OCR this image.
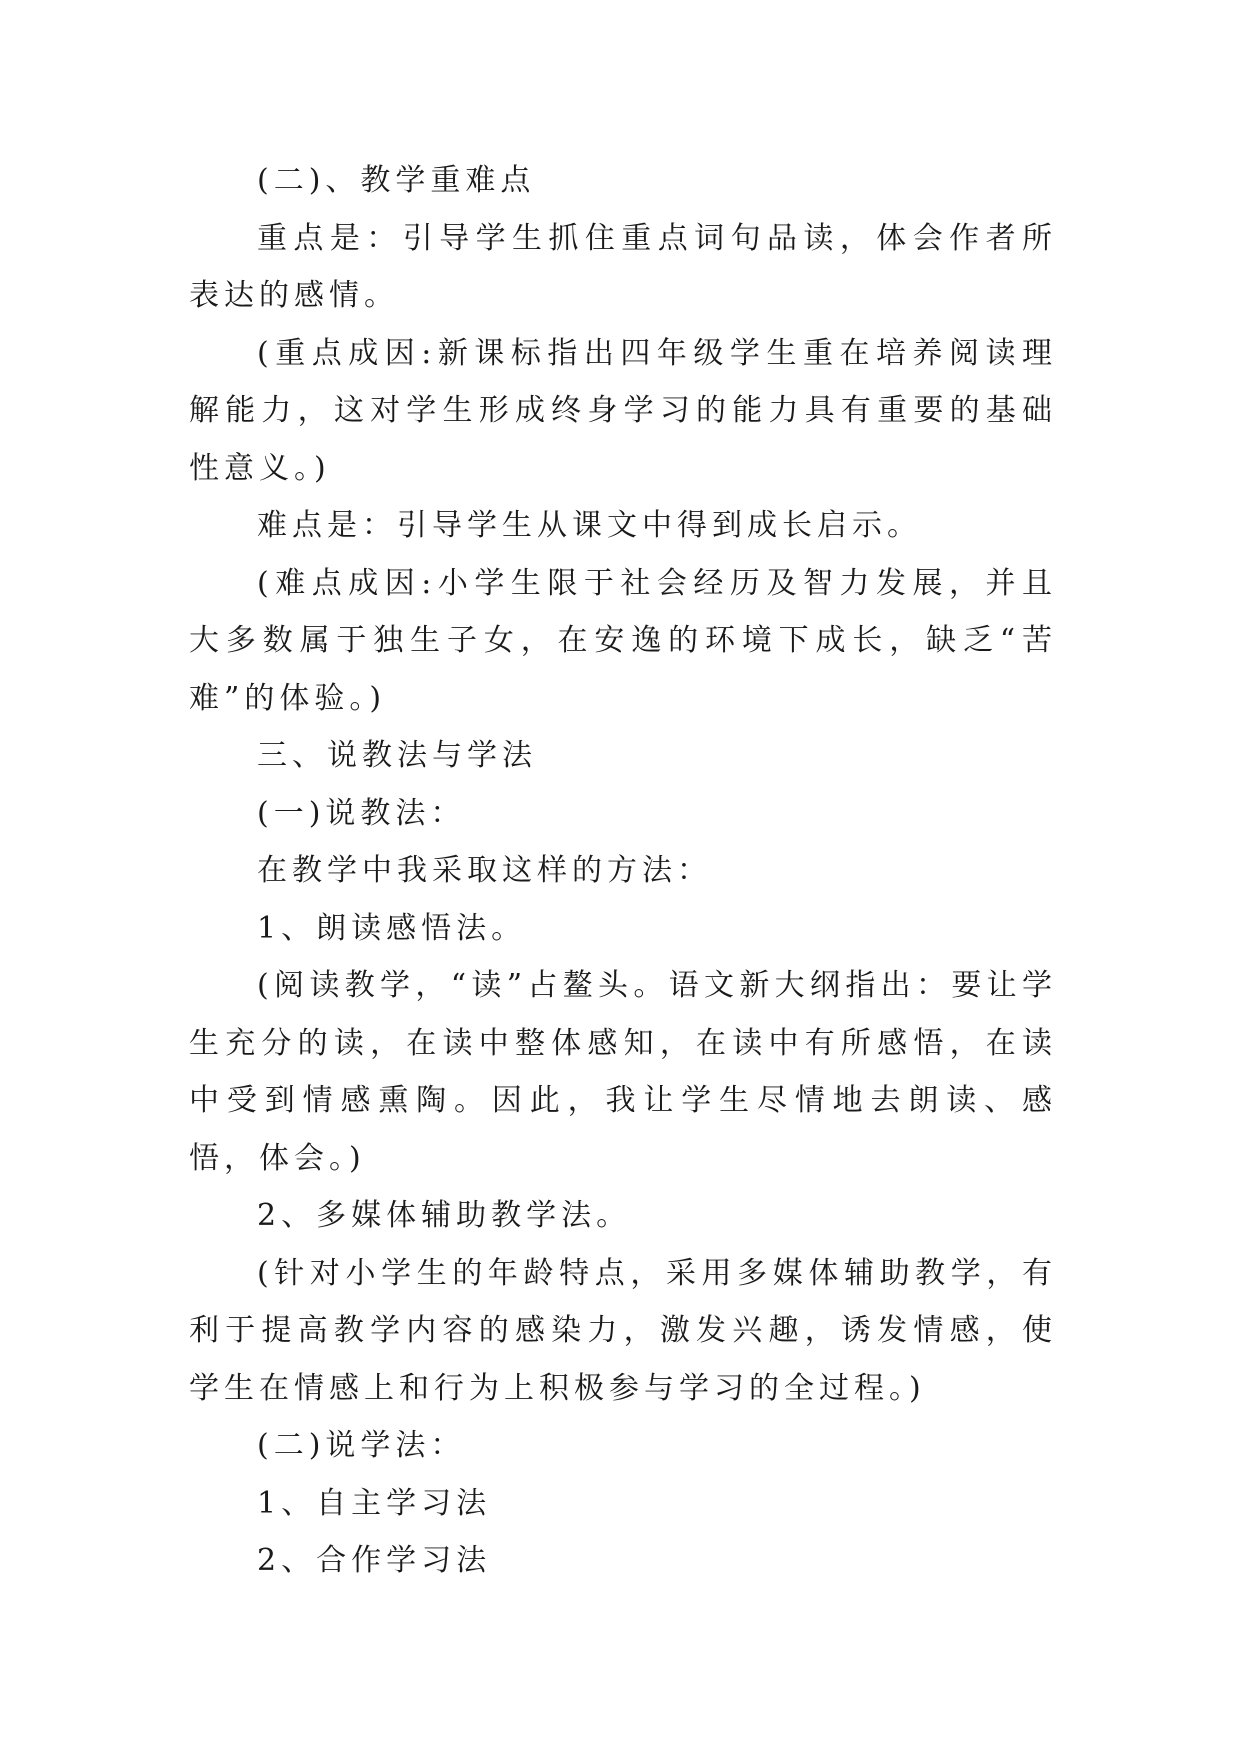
(二)、教学重难点

重点是：引导学生抓住重点词句品读，体会作者所表达的感情。

(重点成因:新课标指出四年级学生重在培养阅读理解能力，这对学生形成终身学习的能力具有重要的基础性意义。)

难点是：引导学生从课文中得到成长启示。

(难点成因:小学生限于社会经历及智力发展，并且大多数属于独生子女，在安逸的环境下成长，缺乏“苦难”的体验。)

三、说教法与学法

(一)说教法：

在教学中我采取这样的方法：

1、朗读感悟法。

(阅读教学，“读”占鳌头。语文新大纲指出：要让学生充分的读，在读中整体感知，在读中有所感悟，在读中受到情感熏陶。因此，我让学生尽情地去朗读、感悟，体会。)

2、多媒体辅助教学法。

(针对小学生的年龄特点，采用多媒体辅助教学，有利于提高教学内容的感染力，激发兴趣，诱发情感，使学生在情感上和行为上积极参与学习的全过程。)

(二)说学法：

1、自主学习法

2、合作学习法
